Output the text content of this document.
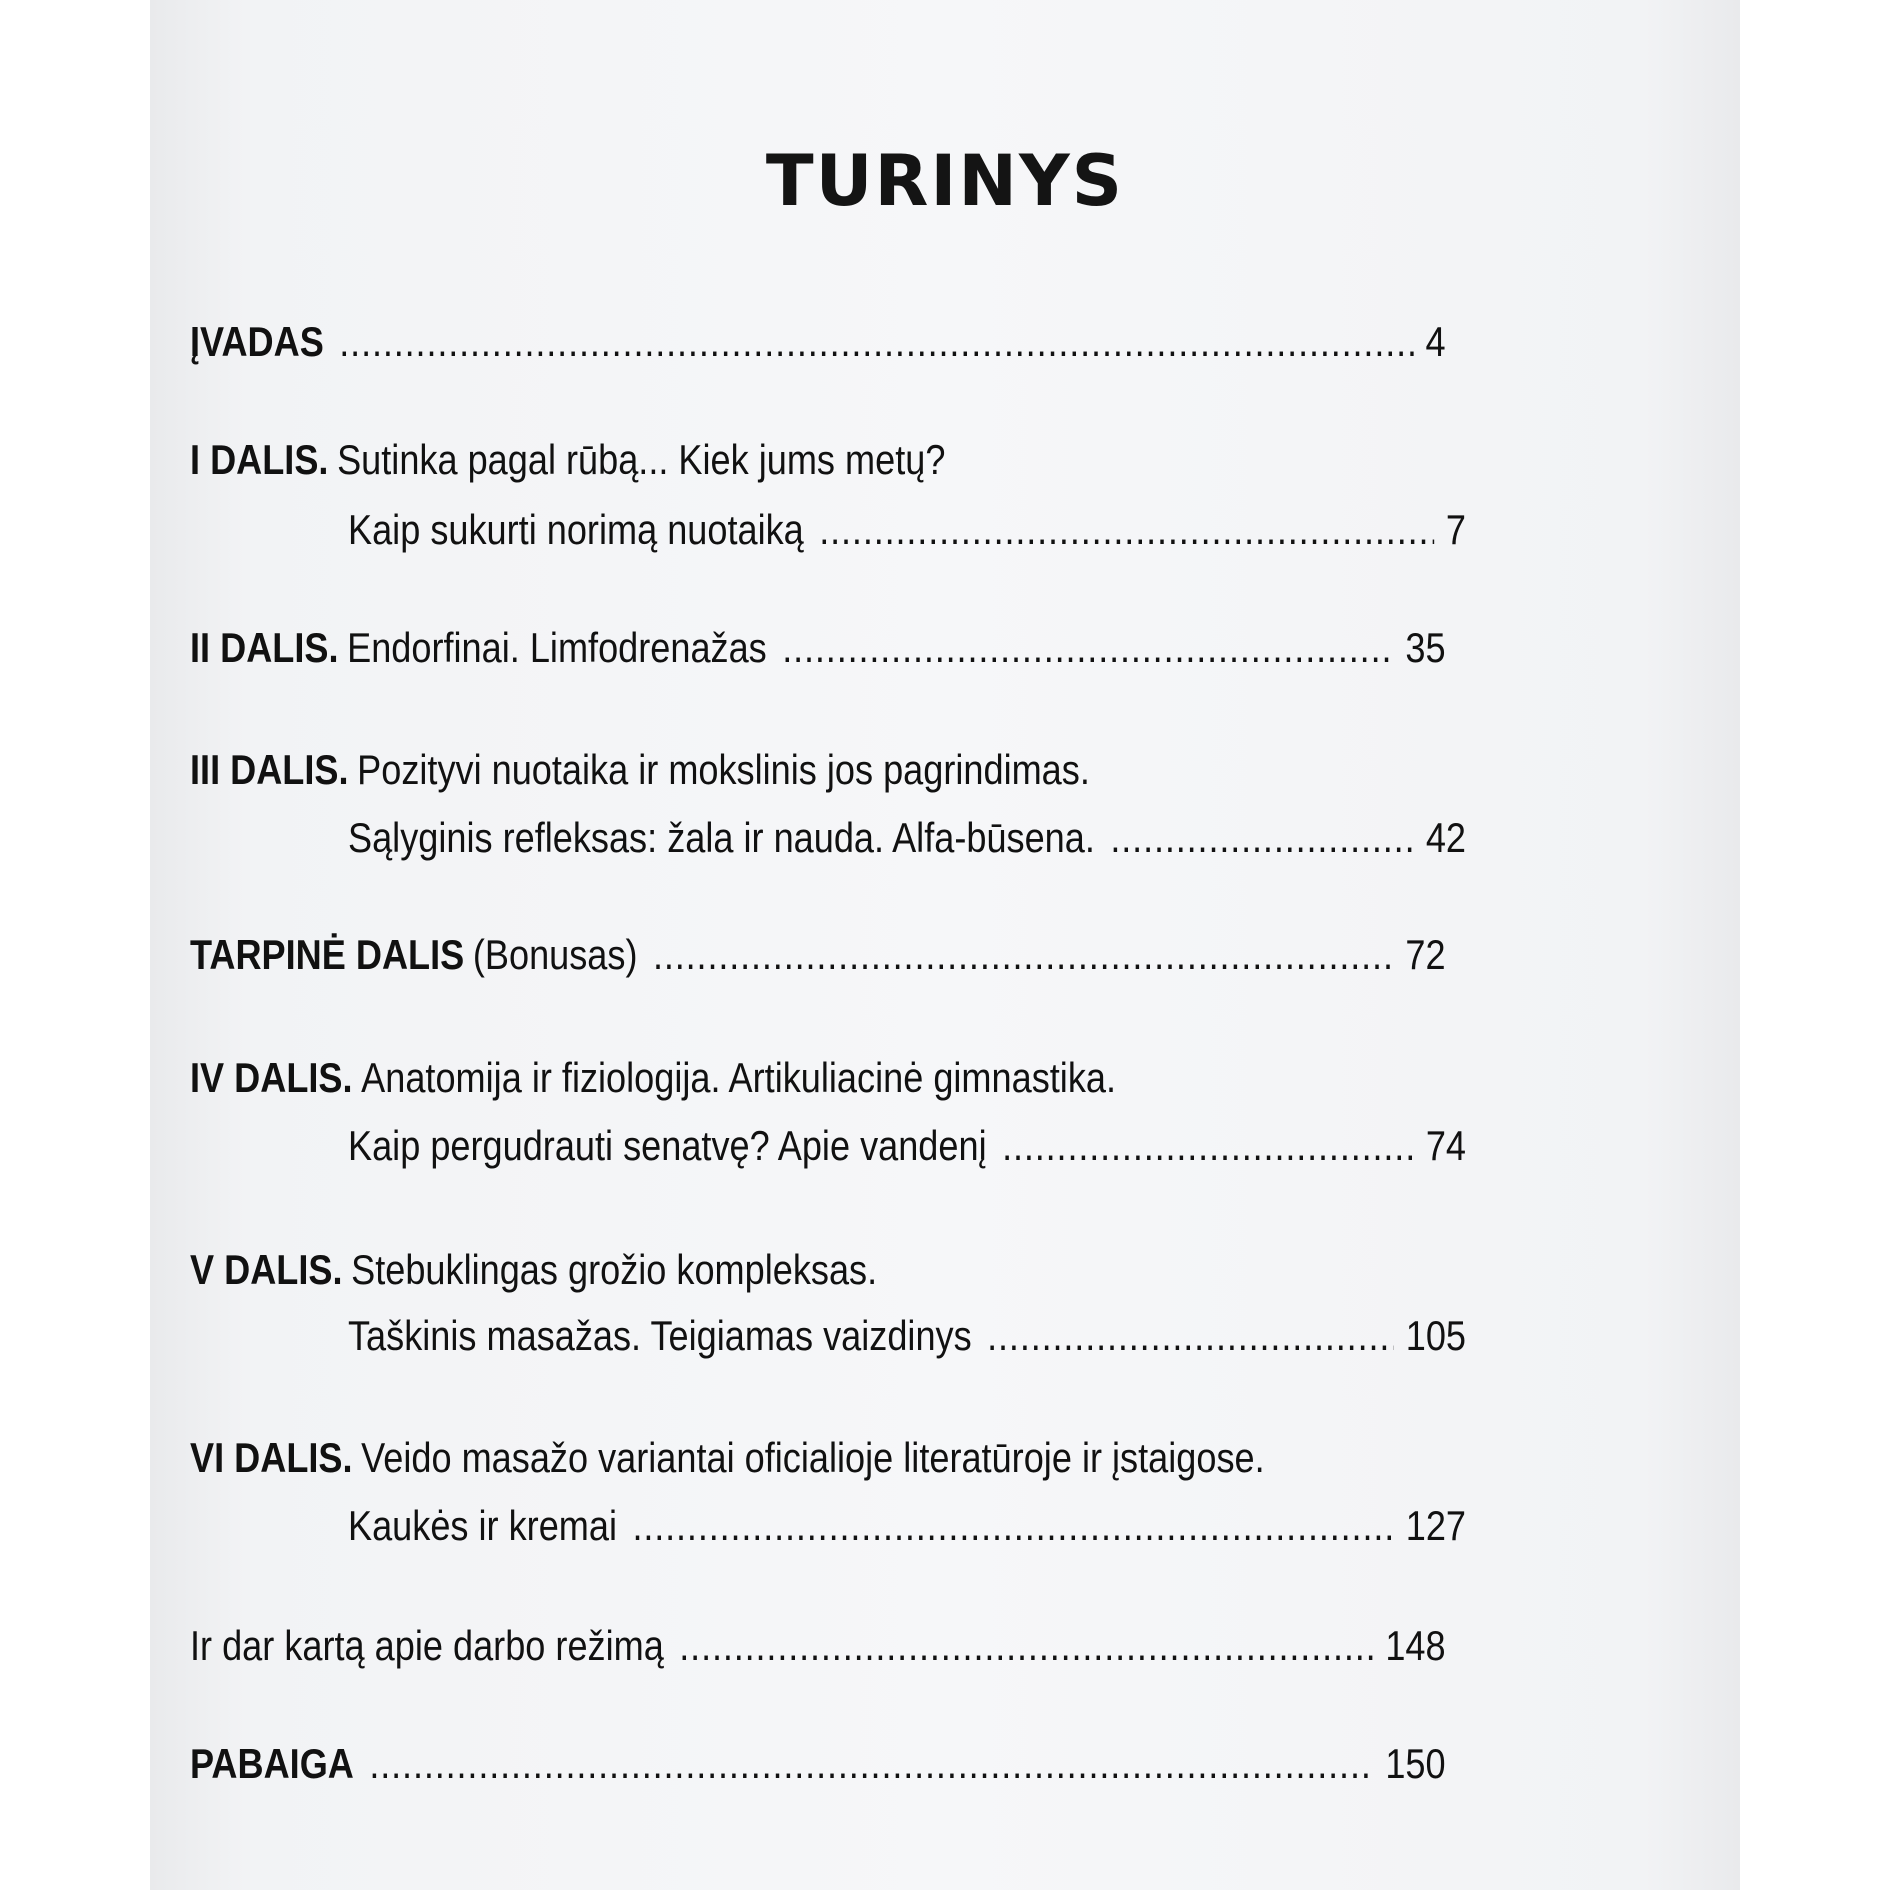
TURINYS
ĮVADAS .....	4
I DALIS. Sutinka pagal rūbą... Kiek jums metų?
Kaip sukurti norimą nuotaiką .....	7
II DALIS. Endorfinai. Limfodrenažas .....	35
III DALIS. Pozityvi nuotaika ir mokslinis jos pagrindimas.
Sąlyginis refleksas: žala ir nauda. Alfa-būsena. .....	42
TARPINĖ DALIS (Bonusas) .....	72
IV DALIS. Anatomija ir fiziologija. Artikuliacinė gimnastika.
Kaip pergudrauti senatvę? Apie vandenį .....	74
V DALIS. Stebuklingas grožio kompleksas.
Taškinis masažas. Teigiamas vaizdinys .....	105
VI DALIS. Veido masažo variantai oficialioje literatūroje ir įstaigose.
Kaukės ir kremai .....	127
Ir dar kartą apie darbo režimą .....	148
PABAIGA .....	150
